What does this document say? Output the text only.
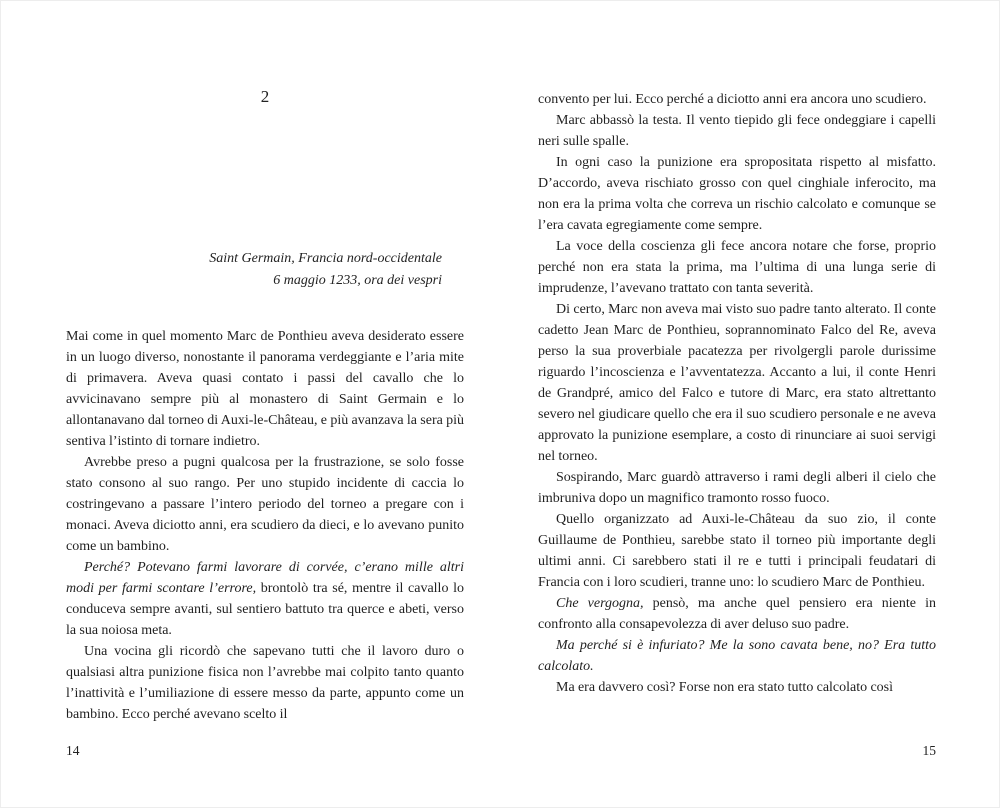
2
Saint Germain, Francia nord-occidentale
6 maggio 1233, ora dei vespri

Mai come in quel momento Marc de Ponthieu aveva desiderato essere in un luogo diverso, nonostante il panorama verdeggiante e l’aria mite di primavera. Aveva quasi contato i passi del cavallo che lo avvicinavano sempre più al monastero di Saint Germain e lo allontanavano dal torneo di Auxi-le-Château, e più avanzava la sera più sentiva l’istinto di tornare indietro.

Avrebbe preso a pugni qualcosa per la frustrazione, se solo fosse stato consono al suo rango. Per uno stupido incidente di caccia lo costringevano a passare l’intero periodo del torneo a pregare con i monaci. Aveva diciotto anni, era scudiero da dieci, e lo avevano punito come un bambino.

Perché? Potevano farmi lavorare di corvée, c’erano mille altri modi per farmi scontare l’errore, brontolò tra sé, mentre il cavallo lo conduceva sempre avanti, sul sentiero battuto tra querce e abeti, verso la sua noiosa meta.

Una vocina gli ricordò che sapevano tutti che il lavoro duro o qualsiasi altra punizione fisica non l’avrebbe mai colpito tanto quanto l’inattività e l’umiliazione di essere messo da parte, appunto come un bambino. Ecco perché avevano scelto il

14

convento per lui. Ecco perché a diciotto anni era ancora uno scudiero.

Marc abbassò la testa. Il vento tiepido gli fece ondeggiare i capelli neri sulle spalle.

In ogni caso la punizione era spropositata rispetto al misfatto. D’accordo, aveva rischiato grosso con quel cinghiale inferocito, ma non era la prima volta che correva un rischio calcolato e comunque se l’era cavata egregiamente come sempre.

La voce della coscienza gli fece ancora notare che forse, proprio perché non era stata la prima, ma l’ultima di una lunga serie di imprudenze, l’avevano trattato con tanta severità.

Di certo, Marc non aveva mai visto suo padre tanto alterato. Il conte cadetto Jean Marc de Ponthieu, soprannominato Falco del Re, aveva perso la sua proverbiale pacatezza per rivolgergli parole durissime riguardo l’incoscienza e l’avventatezza. Accanto a lui, il conte Henri de Grandpré, amico del Falco e tutore di Marc, era stato altrettanto severo nel giudicare quello che era il suo scudiero personale e ne aveva approvato la punizione esemplare, a costo di rinunciare ai suoi servigi nel torneo.

Sospirando, Marc guardò attraverso i rami degli alberi il cielo che imbruniva dopo un magnifico tramonto rosso fuoco.

Quello organizzato ad Auxi-le-Château da suo zio, il conte Guillaume de Ponthieu, sarebbe stato il torneo più importante degli ultimi anni. Ci sarebbero stati il re e tutti i principali feudatari di Francia con i loro scudieri, tranne uno: lo scudiero Marc de Ponthieu.

Che vergogna, pensò, ma anche quel pensiero era niente in confronto alla consapevolezza di aver deluso suo padre.

Ma perché si è infuriato? Me la sono cavata bene, no? Era tutto calcolato.

Ma era davvero così? Forse non era stato tutto calcolato così

15
